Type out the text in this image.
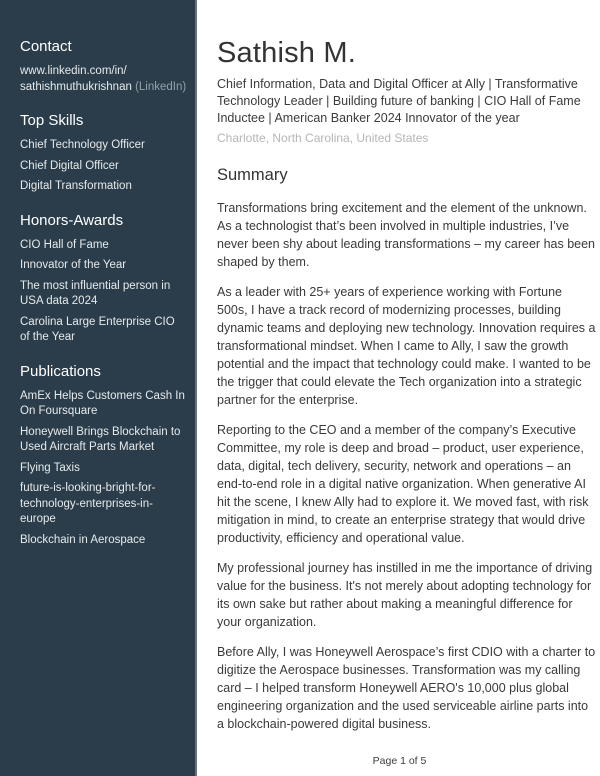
Contact
www.linkedin.com/in/
sathishmuthukrishnan (LinkedIn)
Top Skills
Chief Technology Officer
Chief Digital Officer
Digital Transformation
Honors-Awards
CIO Hall of Fame
Innovator of the Year
The most influential person in USA data 2024
Carolina Large Enterprise CIO of the Year
Publications
AmEx Helps Customers Cash In On Foursquare
Honeywell Brings Blockchain to Used Aircraft Parts Market
Flying Taxis
future-is-looking-bright-for-technology-enterprises-in-europe
Blockchain in Aerospace
Sathish M.
Chief Information, Data and Digital Officer at Ally | Transformative Technology Leader | Building future of banking | CIO Hall of Fame Inductee | American Banker 2024 Innovator of the year
Charlotte, North Carolina, United States
Summary

Transformations bring excitement and the element of the unknown. As a technologist that’s been involved in multiple industries, I’ve never been shy about leading transformations – my career has been shaped by them.

As a leader with 25+ years of experience working with Fortune 500s, I have a track record of modernizing processes, building dynamic teams and deploying new technology. Innovation requires a transformational mindset. When I came to Ally, I saw the growth potential and the impact that technology could make. I wanted to be the trigger that could elevate the Tech organization into a strategic partner for the enterprise.

Reporting to the CEO and a member of the company’s Executive Committee, my role is deep and broad – product, user experience, data, digital, tech delivery, security, network and operations – an end-to-end role in a digital native organization. When generative AI hit the scene, I knew Ally had to explore it. We moved fast, with risk mitigation in mind, to create an enterprise strategy that would drive productivity, efficiency and operational value.

My professional journey has instilled in me the importance of driving value for the business. It's not merely about adopting technology for its own sake but rather about making a meaningful difference for your organization.

Before Ally, I was Honeywell Aerospace’s first CDIO with a charter to digitize the Aerospace businesses. Transformation was my calling card – I helped transform Honeywell AERO's 10,000 plus global engineering organization and the used serviceable airline parts into a blockchain-powered digital business.

Page 1 of 5
